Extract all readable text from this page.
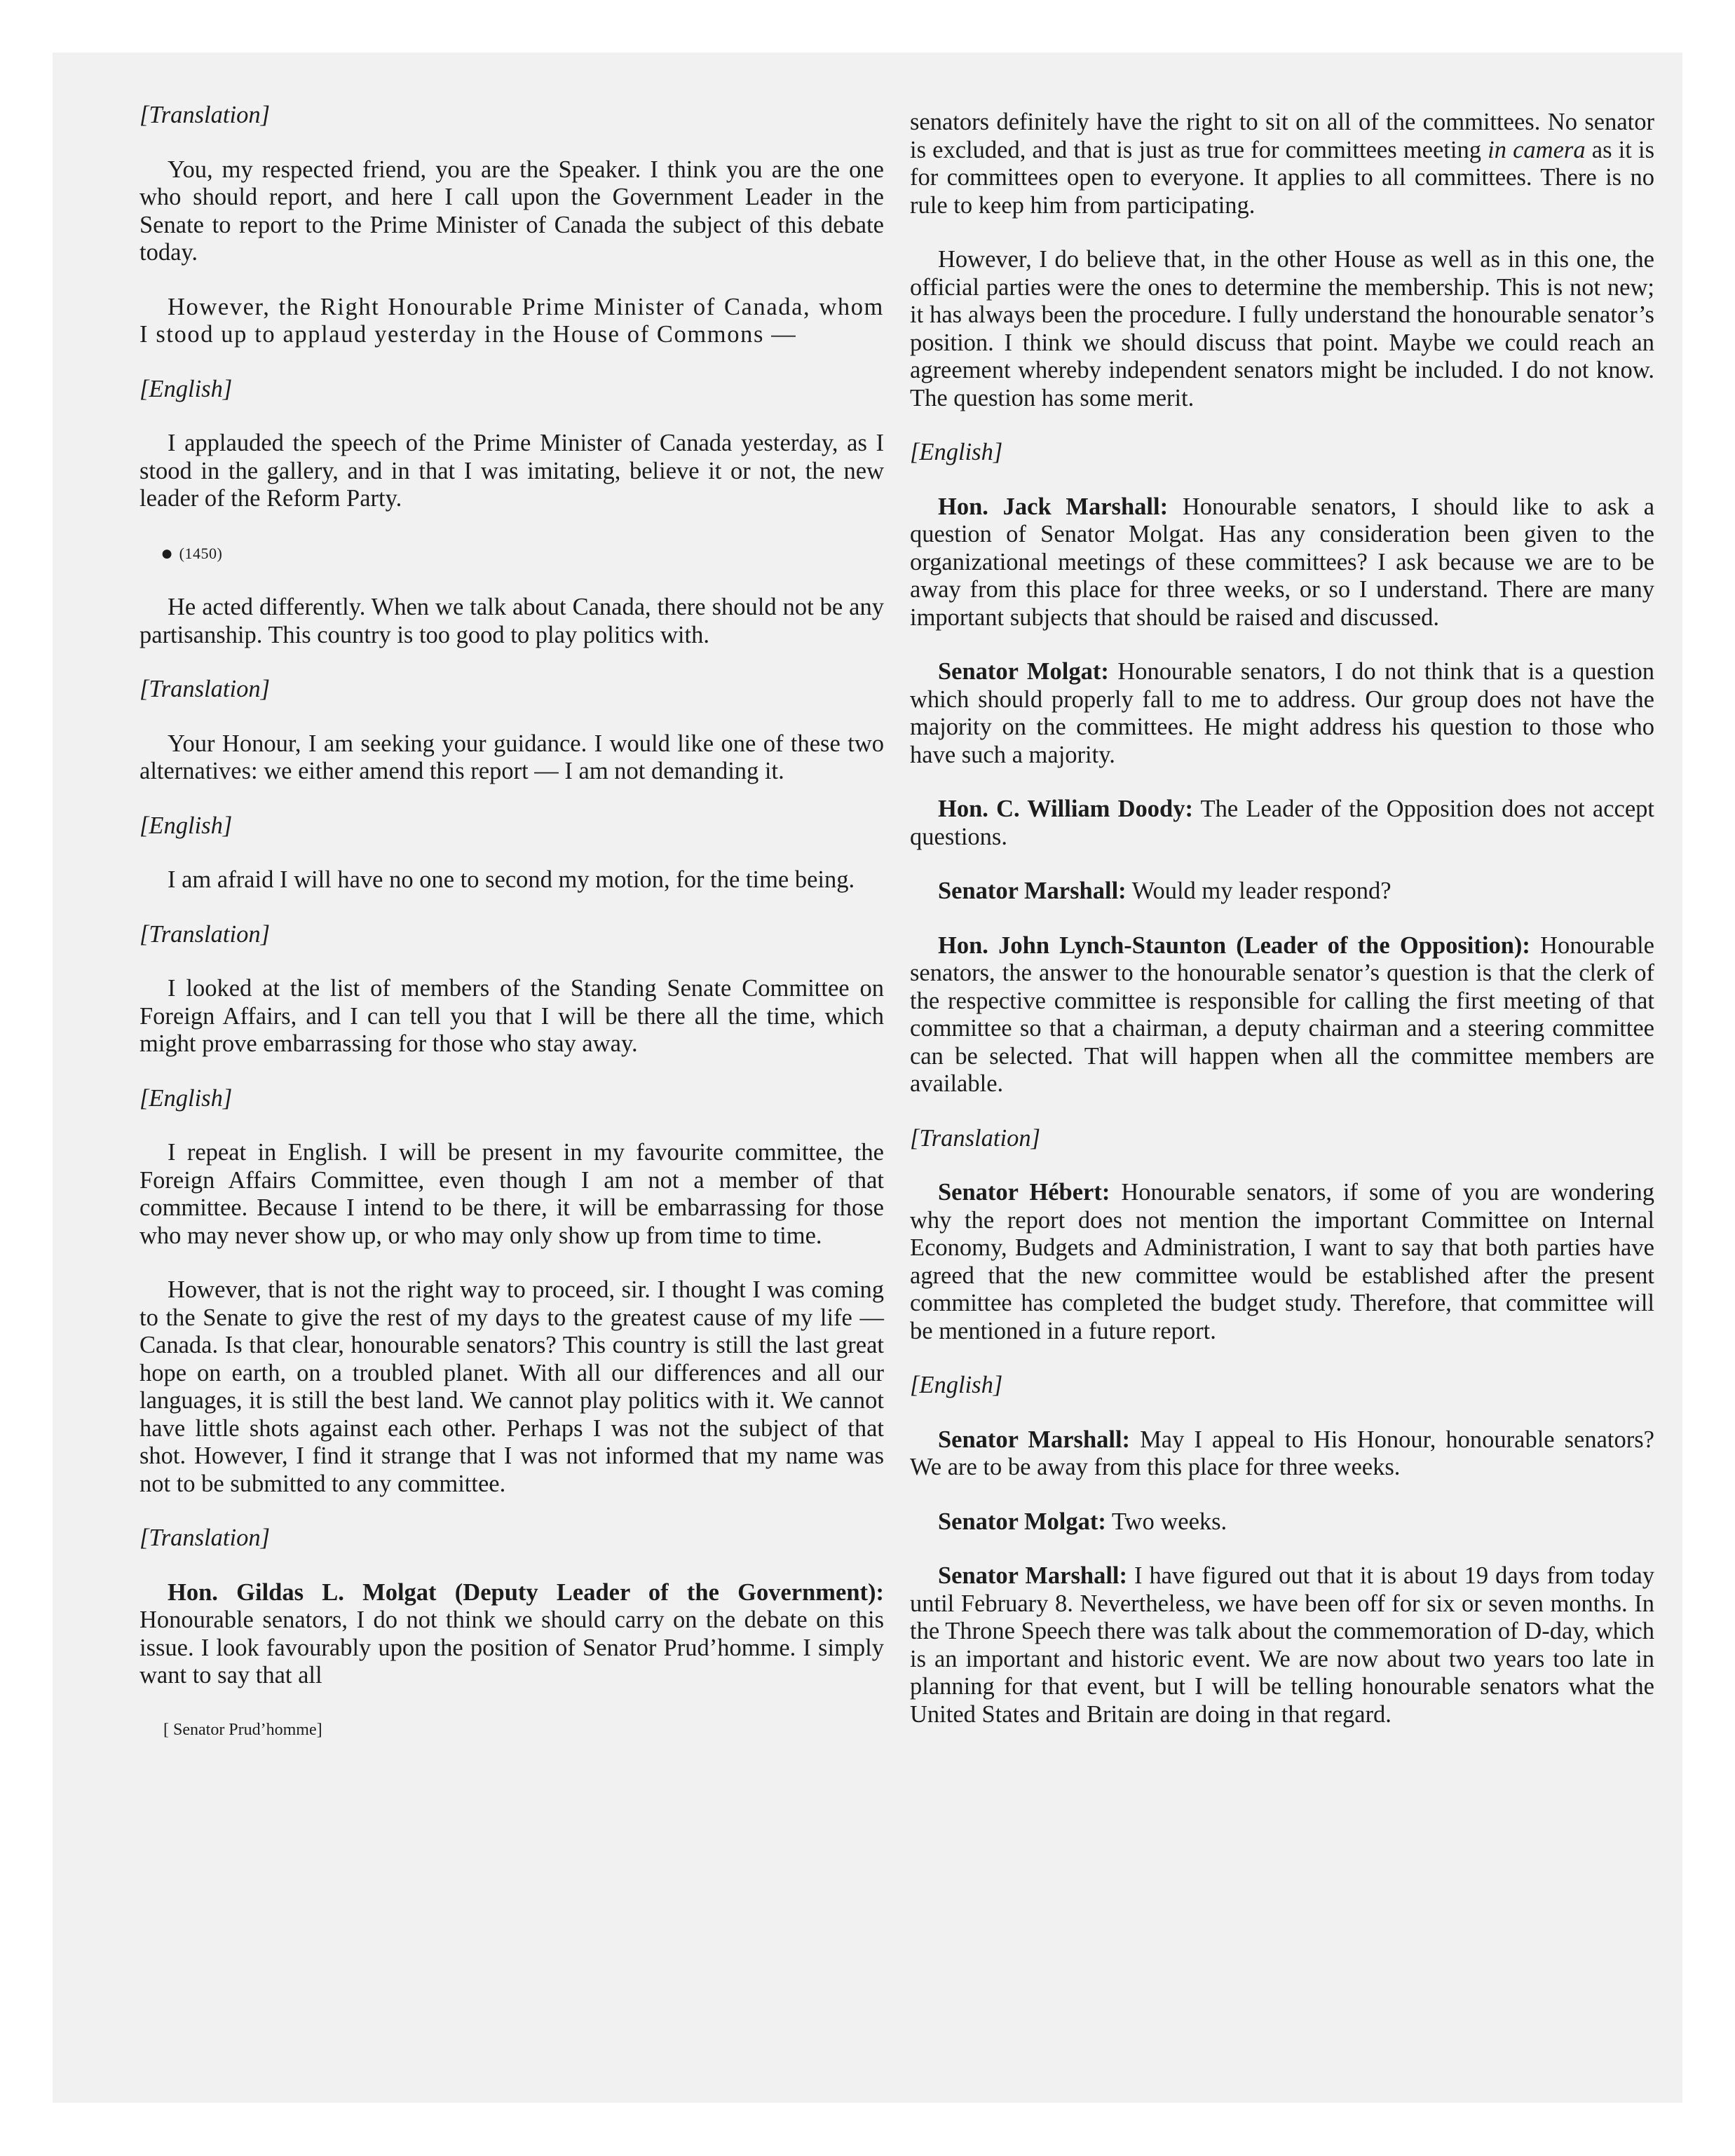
[Translation]

You, my respected friend, you are the Speaker. I think you are the one who should report, and here I call upon the Government Leader in the Senate to report to the Prime Minister of Canada the subject of this debate today.

However, the Right Honourable Prime Minister of Canada, whom I stood up to applaud yesterday in the House of Commons —

[English]

I applauded the speech of the Prime Minister of Canada yesterday, as I stood in the gallery, and in that I was imitating, believe it or not, the new leader of the Reform Party.

● (1450)

He acted differently. When we talk about Canada, there should not be any partisanship. This country is too good to play politics with.

[Translation]

Your Honour, I am seeking your guidance. I would like one of these two alternatives: we either amend this report — I am not demanding it.

[English]

I am afraid I will have no one to second my motion, for the time being.

[Translation]

I looked at the list of members of the Standing Senate Committee on Foreign Affairs, and I can tell you that I will be there all the time, which might prove embarrassing for those who stay away.

[English]

I repeat in English. I will be present in my favourite committee, the Foreign Affairs Committee, even though I am not a member of that committee. Because I intend to be there, it will be embarrassing for those who may never show up, or who may only show up from time to time.

However, that is not the right way to proceed, sir. I thought I was coming to the Senate to give the rest of my days to the greatest cause of my life — Canada. Is that clear, honourable senators? This country is still the last great hope on earth, on a troubled planet. With all our differences and all our languages, it is still the best land. We cannot play politics with it. We cannot have little shots against each other. Perhaps I was not the subject of that shot. However, I find it strange that I was not informed that my name was not to be submitted to any committee.

[Translation]

Hon. Gildas L. Molgat (Deputy Leader of the Government): Honourable senators, I do not think we should carry on the debate on this issue. I look favourably upon the position of Senator Prud’homme. I simply want to say that all

[ Senator Prud’homme]

senators definitely have the right to sit on all of the committees. No senator is excluded, and that is just as true for committees meeting in camera as it is for committees open to everyone. It applies to all committees. There is no rule to keep him from participating.

However, I do believe that, in the other House as well as in this one, the official parties were the ones to determine the membership. This is not new; it has always been the procedure. I fully understand the honourable senator’s position. I think we should discuss that point. Maybe we could reach an agreement whereby independent senators might be included. I do not know. The question has some merit.

[English]

Hon. Jack Marshall: Honourable senators, I should like to ask a question of Senator Molgat. Has any consideration been given to the organizational meetings of these committees? I ask because we are to be away from this place for three weeks, or so I understand. There are many important subjects that should be raised and discussed.

Senator Molgat: Honourable senators, I do not think that is a question which should properly fall to me to address. Our group does not have the majority on the committees. He might address his question to those who have such a majority.

Hon. C. William Doody: The Leader of the Opposition does not accept questions.

Senator Marshall: Would my leader respond?

Hon. John Lynch-Staunton (Leader of the Opposition): Honourable senators, the answer to the honourable senator’s question is that the clerk of the respective committee is responsible for calling the first meeting of that committee so that a chairman, a deputy chairman and a steering committee can be selected. That will happen when all the committee members are available.

[Translation]

Senator Hébert: Honourable senators, if some of you are wondering why the report does not mention the important Committee on Internal Economy, Budgets and Administration, I want to say that both parties have agreed that the new committee would be established after the present committee has completed the budget study. Therefore, that committee will be mentioned in a future report.

[English]

Senator Marshall: May I appeal to His Honour, honourable senators? We are to be away from this place for three weeks.

Senator Molgat: Two weeks.

Senator Marshall: I have figured out that it is about 19 days from today until February 8. Nevertheless, we have been off for six or seven months. In the Throne Speech there was talk about the commemoration of D-day, which is an important and historic event. We are now about two years too late in planning for that event, but I will be telling honourable senators what the United States and Britain are doing in that regard.
